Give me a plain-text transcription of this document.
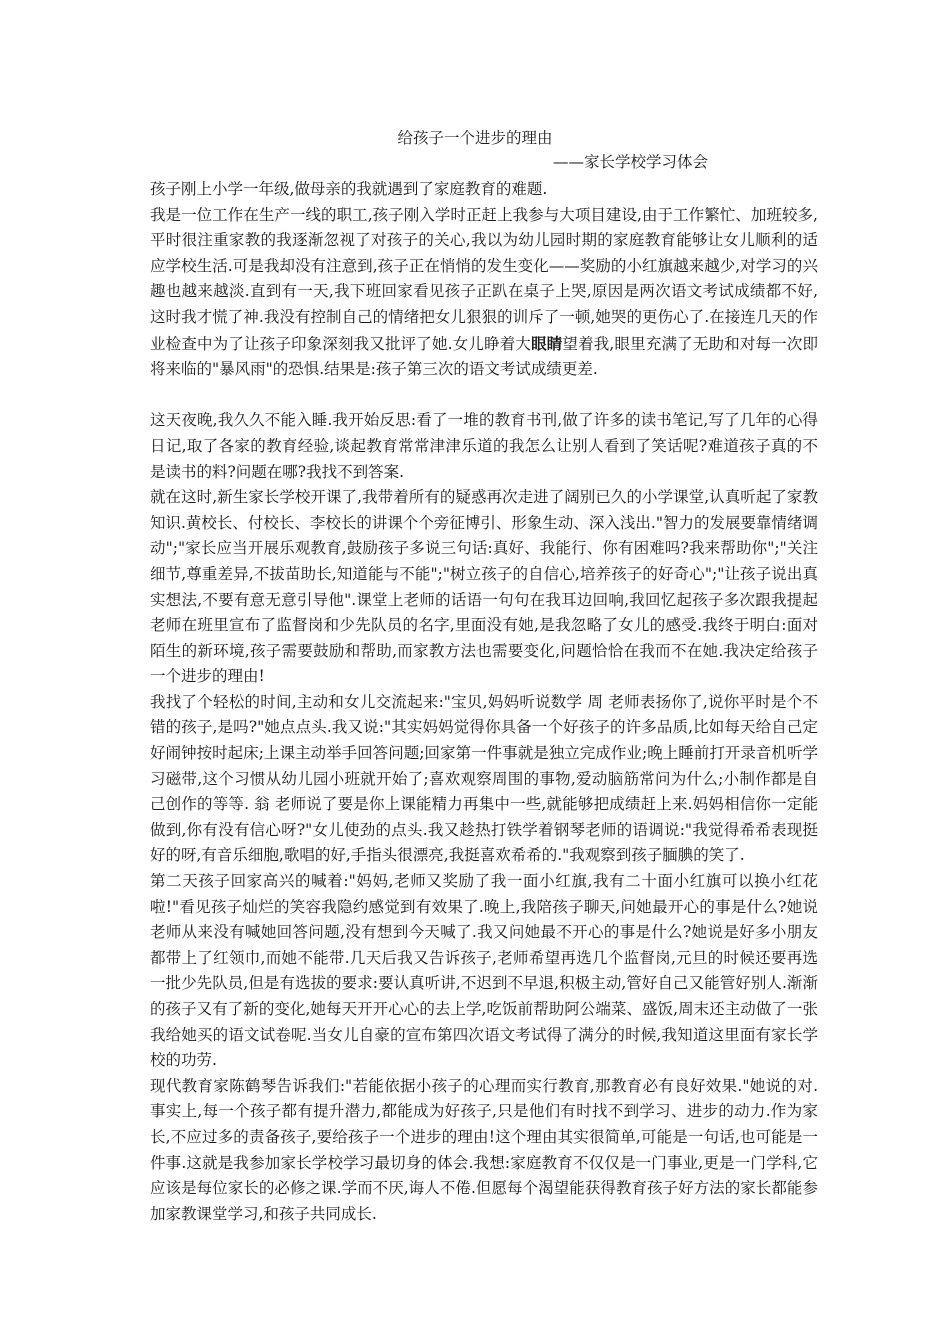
给孩子一个进步的理由
——家长学校学习体会

孩子刚上小学一年级,做母亲的我就遇到了家庭教育的难题.

我是一位工作在生产一线的职工,孩子刚入学时正赶上我参与大项目建设,由于工作繁忙、加班较多,平时很注重家教的我逐渐忽视了对孩子的关心,我以为幼儿园时期的家庭教育能够让女儿顺利的适应学校生活.可是我却没有注意到,孩子正在悄悄的发生变化——奖励的小红旗越来越少,对学习的兴趣也越来越淡.直到有一天,我下班回家看见孩子正趴在桌子上哭,原因是两次语文考试成绩都不好,这时我才慌了神.我没有控制自己的情绪把女儿狠狠的训斥了一顿,她哭的更伤心了.在接连几天的作业检查中为了让孩子印象深刻我又批评了她.女儿睁着大眼睛望着我,眼里充满了无助和对每一次即将来临的"暴风雨"的恐惧.结果是:孩子第三次的语文考试成绩更差.

这天夜晚,我久久不能入睡.我开始反思:看了一堆的教育书刊,做了许多的读书笔记,写了几年的心得日记,取了各家的教育经验,谈起教育常常津津乐道的我怎么让别人看到了笑话呢?难道孩子真的不是读书的料?问题在哪?我找不到答案.

就在这时,新生家长学校开课了,我带着所有的疑惑再次走进了阔别已久的小学课堂,认真听起了家教知识.黄校长、付校长、李校长的讲课个个旁征博引、形象生动、深入浅出."智力的发展要靠情绪调动";"家长应当开展乐观教育,鼓励孩子多说三句话:真好、我能行、你有困难吗?我来帮助你";"关注细节,尊重差异,不拔苗助长,知道能与不能";"树立孩子的自信心,培养孩子的好奇心";"让孩子说出真实想法,不要有意无意引导他".课堂上老师的话语一句句在我耳边回响,我回忆起孩子多次跟我提起老师在班里宣布了监督岗和少先队员的名字,里面没有她,是我忽略了女儿的感受.我终于明白:面对陌生的新环境,孩子需要鼓励和帮助,而家教方法也需要变化,问题恰恰在我而不在她.我决定给孩子一个进步的理由!

我找了个轻松的时间,主动和女儿交流起来:"宝贝,妈妈听说数学 周 老师表扬你了,说你平时是个不错的孩子,是吗?"她点点头.我又说:"其实妈妈觉得你具备一个好孩子的许多品质,比如每天给自己定好闹钟按时起床;上课主动举手回答问题;回家第一件事就是独立完成作业;晚上睡前打开录音机听学习磁带,这个习惯从幼儿园小班就开始了;喜欢观察周围的事物,爱动脑筋常问为什么;小制作都是自己创作的等等. 翁 老师说了要是你上课能精力再集中一些,就能够把成绩赶上来.妈妈相信你一定能做到,你有没有信心呀?"女儿使劲的点头.我又趁热打铁学着钢琴老师的语调说:"我觉得希希表现挺好的呀,有音乐细胞,歌唱的好,手指头很漂亮,我挺喜欢希希的."我观察到孩子腼腆的笑了.

第二天孩子回家高兴的喊着:"妈妈,老师又奖励了我一面小红旗,我有二十面小红旗可以换小红花啦!"看见孩子灿烂的笑容我隐约感觉到有效果了.晚上,我陪孩子聊天,问她最开心的事是什么?她说老师从来没有喊她回答问题,没有想到今天喊了.我又问她最不开心的事是什么?她说是好多小朋友都带上了红领巾,而她不能带.几天后我又告诉孩子,老师希望再选几个监督岗,元旦的时候还要再选一批少先队员,但是有选拔的要求:要认真听讲,不迟到不早退,积极主动,管好自己又能管好别人.渐渐的孩子又有了新的变化,她每天开开心心的去上学,吃饭前帮助阿公端菜、盛饭,周末还主动做了一张我给她买的语文试卷呢.当女儿自豪的宣布第四次语文考试得了满分的时候,我知道这里面有家长学校的功劳.

现代教育家陈鹤琴告诉我们:"若能依据小孩子的心理而实行教育,那教育必有良好效果."她说的对.事实上,每一个孩子都有提升潜力,都能成为好孩子,只是他们有时找不到学习、进步的动力.作为家长,不应过多的责备孩子,要给孩子一个进步的理由!这个理由其实很简单,可能是一句话,也可能是一件事.这就是我参加家长学校学习最切身的体会.我想:家庭教育不仅仅是一门事业,更是一门学科,它应该是每位家长的必修之课.学而不厌,诲人不倦.但愿每个渴望能获得教育孩子好方法的家长都能参加家教课堂学习,和孩子共同成长.
